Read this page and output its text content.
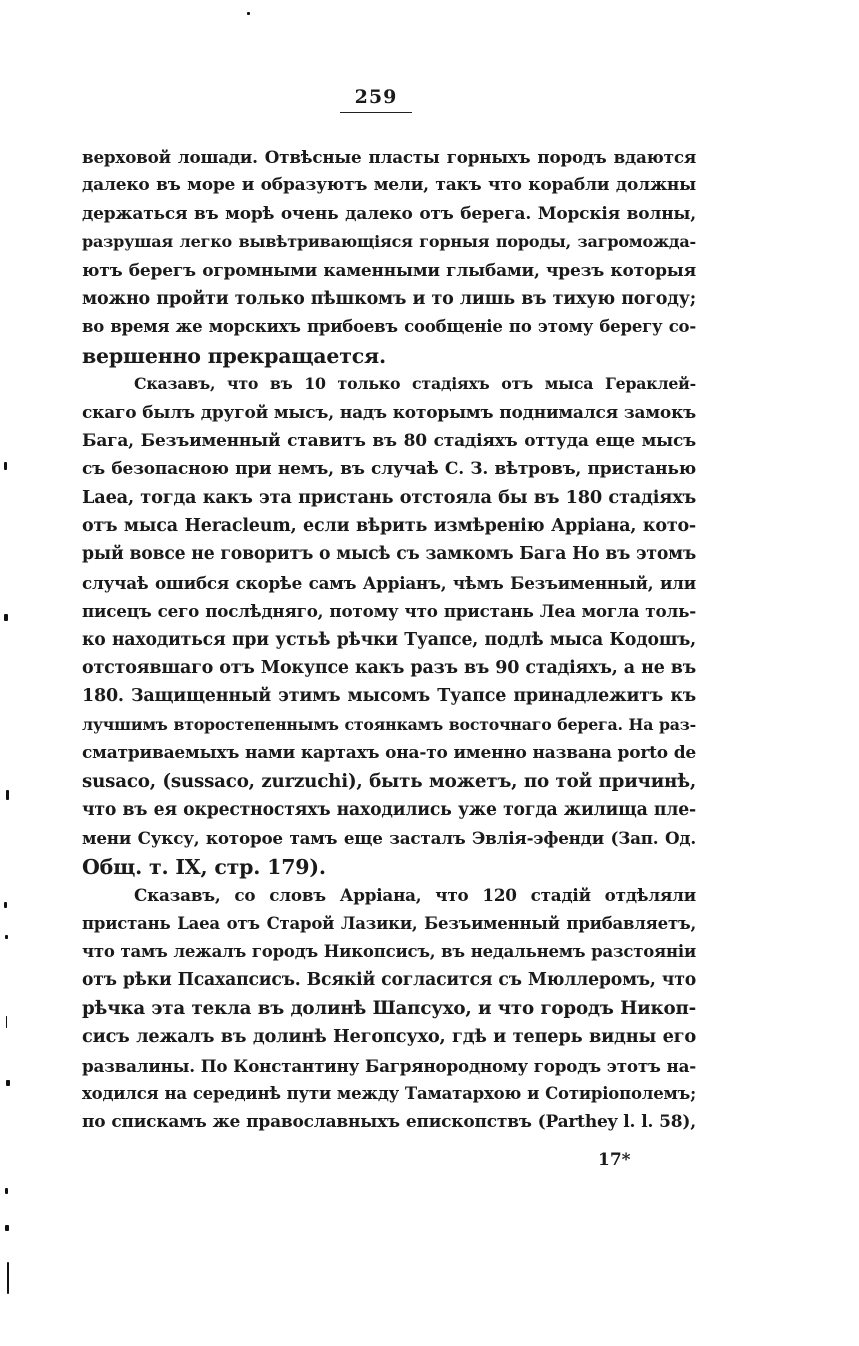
259
верховой лошади. Отвѣсные пласты горныхъ породъ вдаются
далеко въ море и образуютъ мели, такъ что корабли должны
держаться въ морѣ очень далеко отъ берега. Морскія волны,
разрушая легко вывѣтривающіяся горныя породы, загромождa-
ютъ берегъ огромными каменными глыбами, чрезъ которыя
можно пройти только пѣшкомъ и то лишь въ тихую погоду;
во время же морскихъ прибоевъ сообщеніе по этому берегу со-
вершенно прекращается.
Сказавъ, что въ 10 только стадіяхъ отъ мыса Гераклей-
скаго былъ другой мысъ, надъ которымъ поднимался замокъ
Бага, Безъименный ставитъ въ 80 стадіяхъ оттуда еще мысъ
съ безопасною при немъ, въ случаѣ С. З. вѣтровъ, пристанью
Laea, тогда какъ эта пристань отстояла бы въ 180 стадіяхъ
отъ мыса Heracleum, если вѣрить измѣренію Арріана, кото-
рый вовсе не говоритъ о мысѣ съ замкомъ Бага Но въ этомъ
случаѣ ошибся скорѣе самъ Арріанъ, чѣмъ Безъименный, или
писецъ сего послѣдняго, потому что пристань Леа могла толь-
ко находиться при устьѣ рѣчки Туапсе, подлѣ мыса Кодошъ,
отстоявшаго отъ Мокупсе какъ разъ въ 90 стадіяхъ, а не въ
180. Защищенный этимъ мысомъ Туапсе принадлежитъ къ
лучшимъ второстепеннымъ стоянкамъ восточнаго берега. На раз-
сматриваемыхъ нами картахъ она-то именно названа porto de
susaco, (sussaco, zurzuchi), быть можетъ, по той причинѣ,
что въ ея окрестностяхъ находились уже тогда жилища пле-
мени Суксу, которое тамъ еще засталъ Эвлія-эфенди (Зап. Од.
Общ. т. IX, стр. 179).
Сказавъ, со словъ Арріана, что 120 стадій отдѣляли
пристань Laea отъ Старой Лазики, Безъименный прибавляетъ,
что тамъ лежалъ городъ Никопсисъ, въ недальнемъ разстояніи
отъ рѣки Псахапсисъ. Всякій согласится съ Мюллеромъ, что
рѣчка эта текла въ долинѣ Шапсухо, и что городъ Никоп-
сисъ лежалъ въ долинѣ Негопсухо, гдѣ и теперь видны его
развалины. По Константину Багрянородному городъ этотъ на-
ходился на серединѣ пути между Таматархою и Сотиріополемъ;
по спискамъ же православныхъ епископствъ (Parthey l. l. 58),
17*
